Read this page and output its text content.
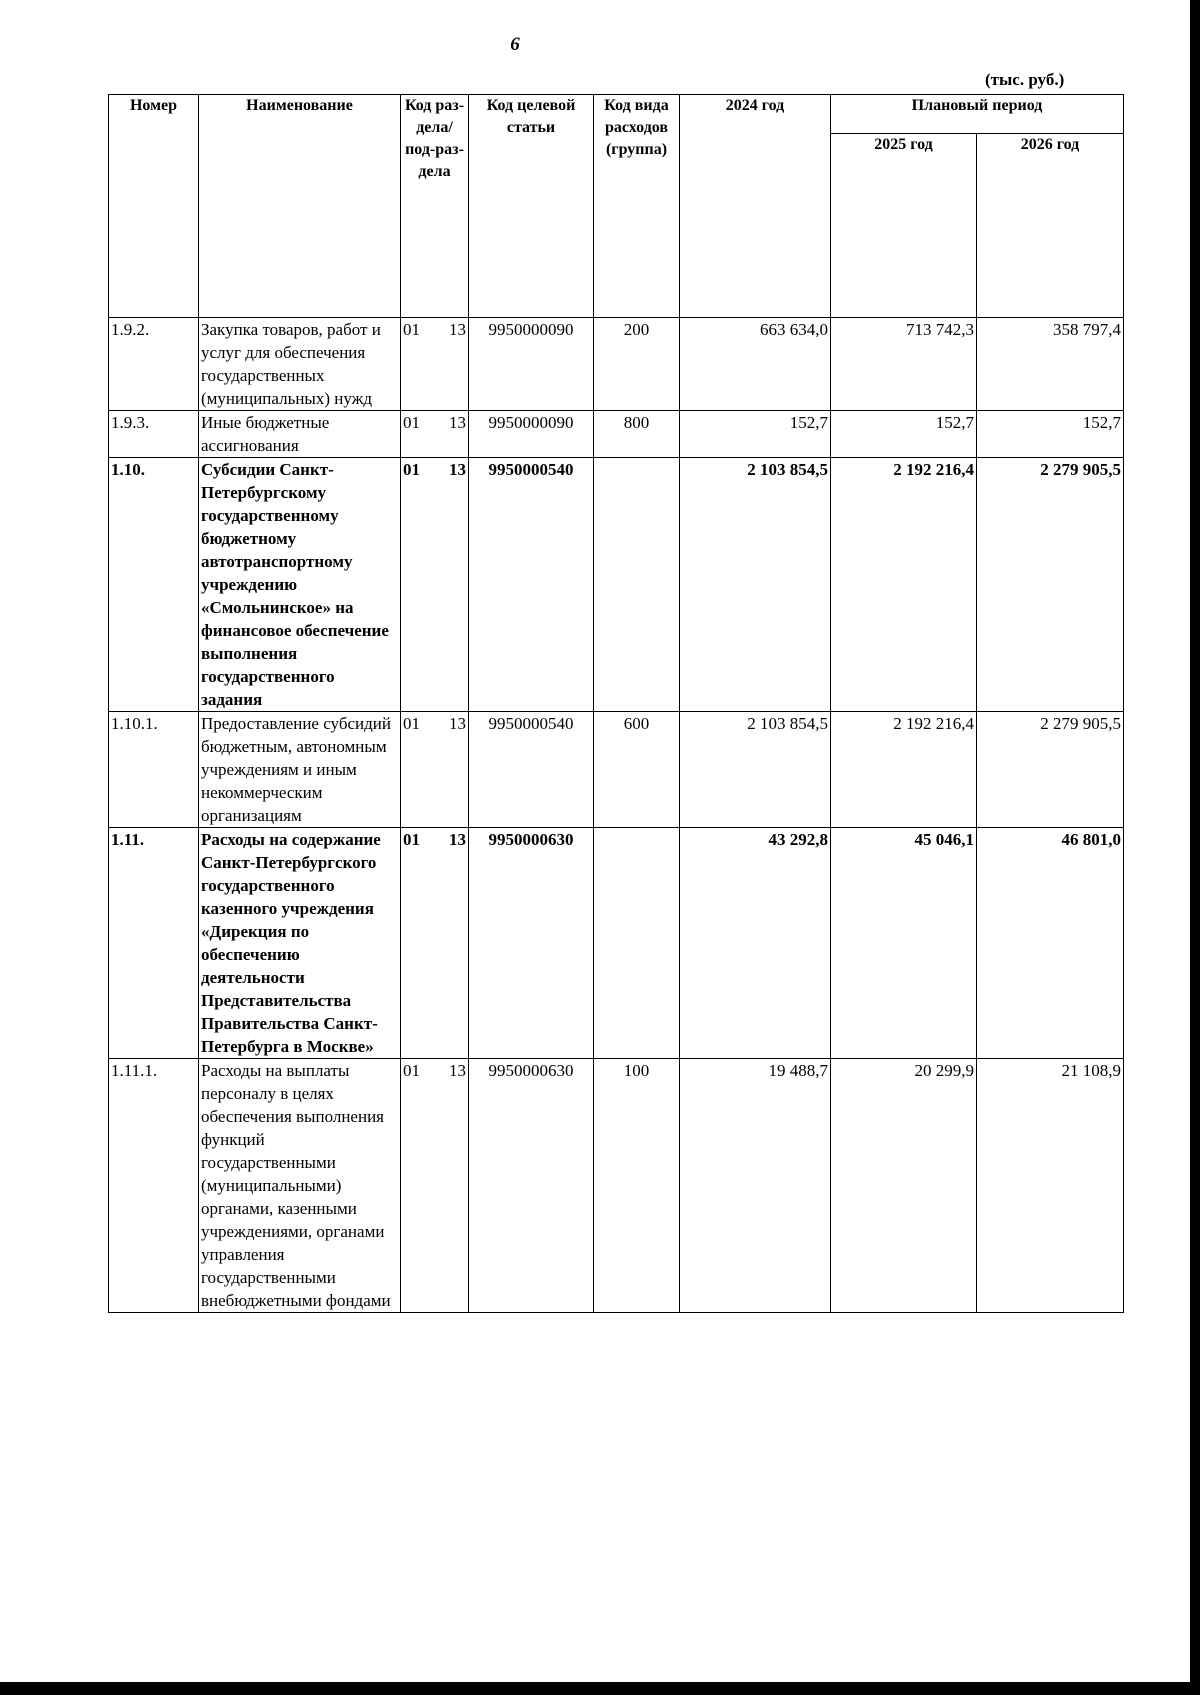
6
(тыс. руб.)
Номер	Наименование	Код раз-дела/ под-раз-дела	Код целевой статьи	Код вида расходов (группа)	2024 год	Плановый период	
						2025 год	2026 год
1.9.2.	Закупка товаров, работ и услуг для обеспечения государственных (муниципальных) нужд	01 13	9950000090	200	663 634,0	713 742,3	358 797,4
1.9.3.	Иные бюджетные ассигнования	01 13	9950000090	800	152,7	152,7	152,7
1.10.	Субсидии Санкт-Петербургскому государственному бюджетному автотранспортному учреждению «Смольнинское» на финансовое обеспечение выполнения государственного задания	01 13	9950000540		2 103 854,5	2 192 216,4	2 279 905,5
1.10.1.	Предоставление субсидий бюджетным, автономным учреждениям и иным некоммерческим организациям	01 13	9950000540	600	2 103 854,5	2 192 216,4	2 279 905,5
1.11.	Расходы на содержание Санкт-Петербургского государственного казенного учреждения «Дирекция по обеспечению деятельности Представительства Правительства Санкт-Петербурга в Москве»	01 13	9950000630		43 292,8	45 046,1	46 801,0
1.11.1.	Расходы на выплаты персоналу в целях обеспечения выполнения функций государственными (муниципальными) органами, казенными учреждениями, органами управления государственными внебюджетными фондами	01 13	9950000630	100	19 488,7	20 299,9	21 108,9
